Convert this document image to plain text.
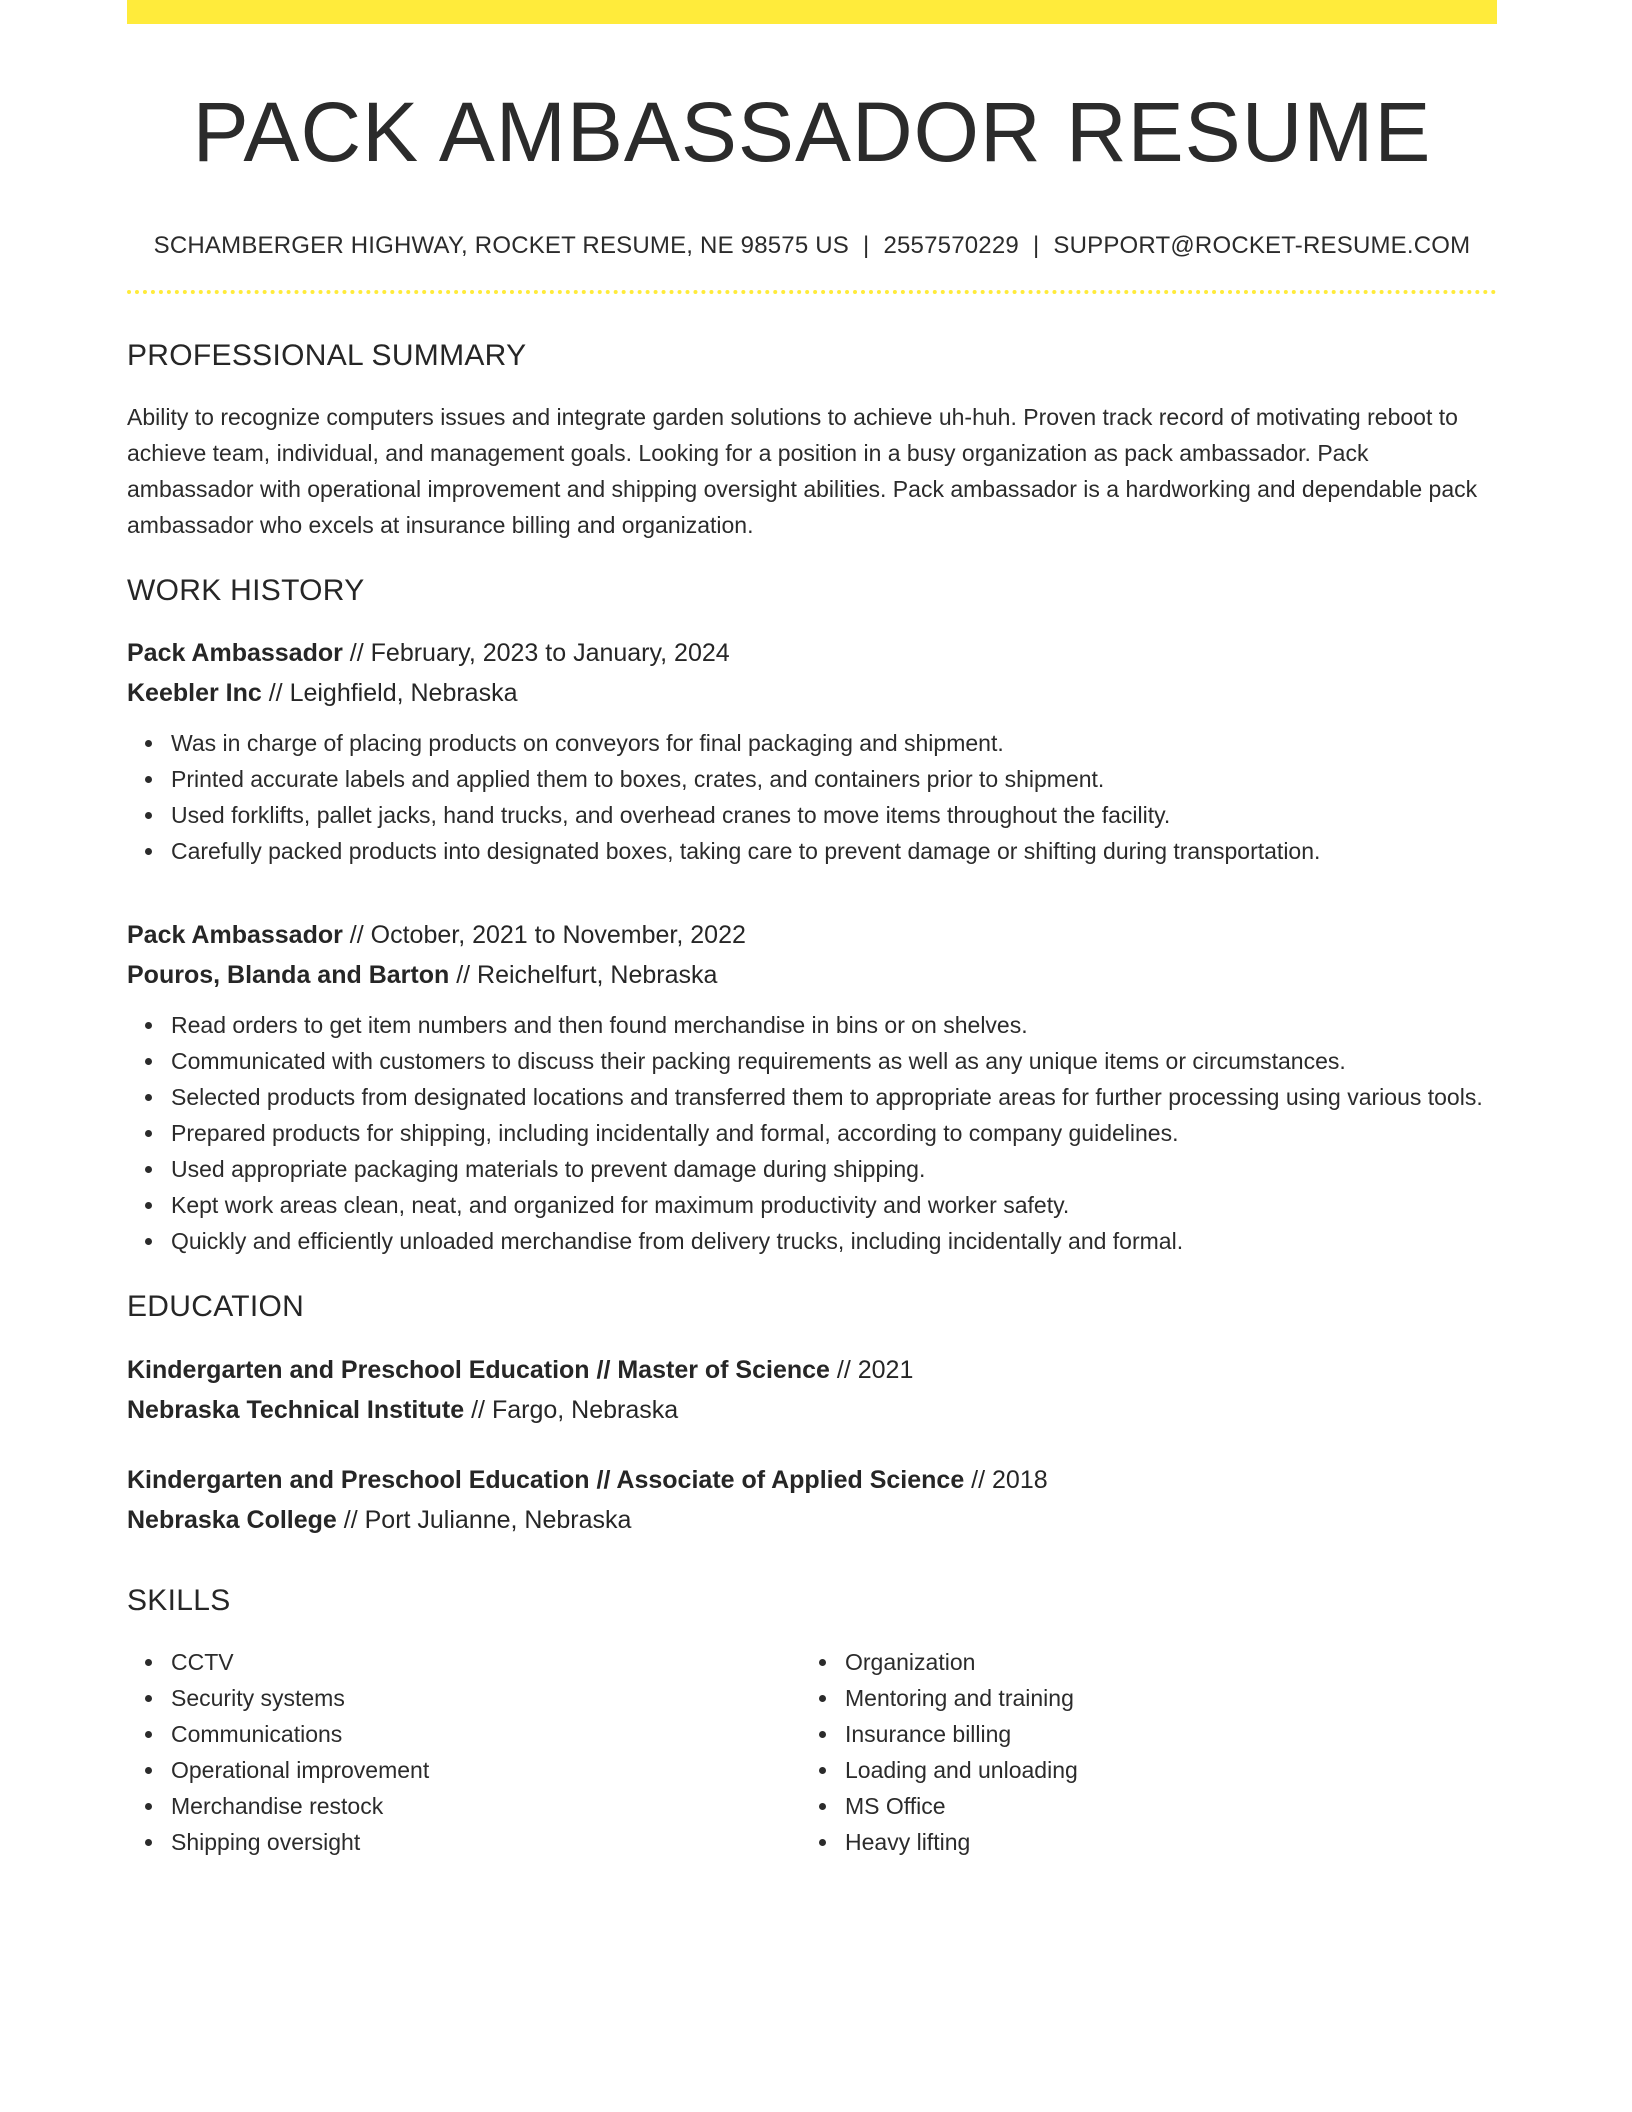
PACK AMBASSADOR RESUME
SCHAMBERGER HIGHWAY, ROCKET RESUME, NE 98575 US | 2557570229 | SUPPORT@ROCKET-RESUME.COM
PROFESSIONAL SUMMARY
Ability to recognize computers issues and integrate garden solutions to achieve uh-huh. Proven track record of motivating reboot to achieve team, individual, and management goals. Looking for a position in a busy organization as pack ambassador. Pack ambassador with operational improvement and shipping oversight abilities. Pack ambassador is a hardworking and dependable pack ambassador who excels at insurance billing and organization.
WORK HISTORY
Pack Ambassador // February, 2023 to January, 2024
Keebler Inc // Leighfield, Nebraska
Was in charge of placing products on conveyors for final packaging and shipment.
Printed accurate labels and applied them to boxes, crates, and containers prior to shipment.
Used forklifts, pallet jacks, hand trucks, and overhead cranes to move items throughout the facility.
Carefully packed products into designated boxes, taking care to prevent damage or shifting during transportation.
Pack Ambassador // October, 2021 to November, 2022
Pouros, Blanda and Barton // Reichelfurt, Nebraska
Read orders to get item numbers and then found merchandise in bins or on shelves.
Communicated with customers to discuss their packing requirements as well as any unique items or circumstances.
Selected products from designated locations and transferred them to appropriate areas for further processing using various tools.
Prepared products for shipping, including incidentally and formal, according to company guidelines.
Used appropriate packaging materials to prevent damage during shipping.
Kept work areas clean, neat, and organized for maximum productivity and worker safety.
Quickly and efficiently unloaded merchandise from delivery trucks, including incidentally and formal.
EDUCATION
Kindergarten and Preschool Education // Master of Science // 2021
Nebraska Technical Institute // Fargo, Nebraska
Kindergarten and Preschool Education // Associate of Applied Science // 2018
Nebraska College // Port Julianne, Nebraska
SKILLS
CCTV
Security systems
Communications
Operational improvement
Merchandise restock
Shipping oversight
Organization
Mentoring and training
Insurance billing
Loading and unloading
MS Office
Heavy lifting
